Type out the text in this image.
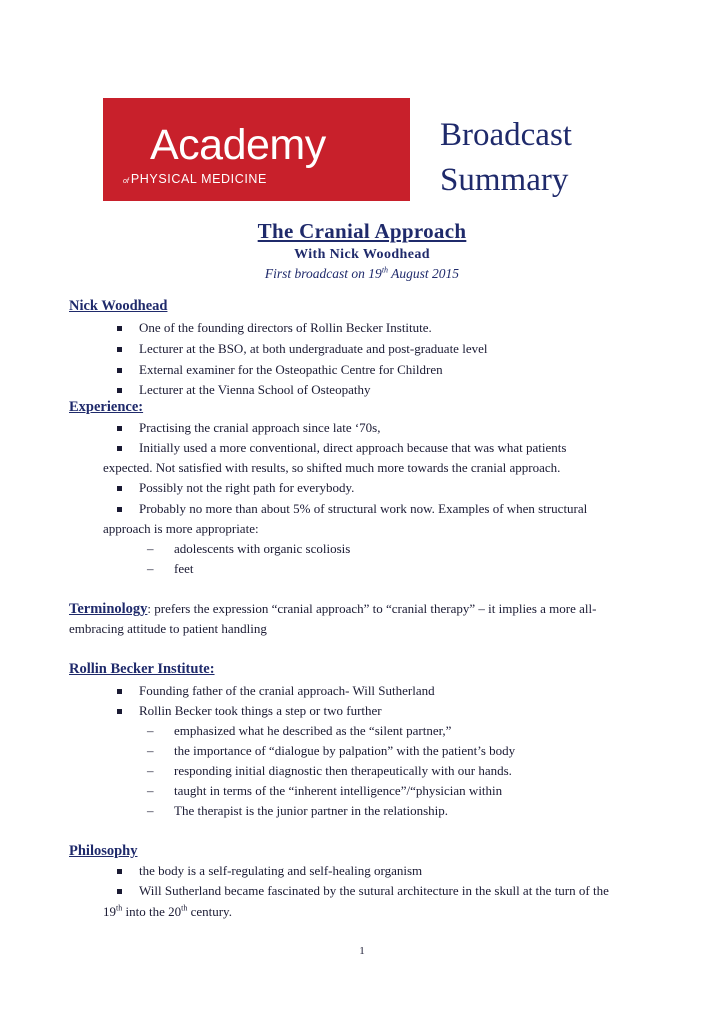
Academy
of PHYSICAL MEDICINE
Broadcast
Summary
The Cranial Approach
With Nick Woodhead
First broadcast on 19th August 2015
Nick Woodhead
One of the founding directors of Rollin Becker Institute.
Lecturer at the BSO, at both undergraduate and post-graduate level
External examiner for the Osteopathic Centre for Children
Lecturer at the Vienna School of Osteopathy
Experience:
Practising the cranial approach since late ‘70s,
Initially used a more conventional, direct approach because that was what patients
expected. Not satisfied with results, so shifted much more towards the cranial approach.
Possibly not the right path for everybody.
Probably no more than about 5% of structural work now. Examples of when structural
approach is more appropriate:
– adolescents with organic scoliosis
– feet
Terminology: prefers the expression “cranial approach” to “cranial therapy” – it implies a more all-
embracing attitude to patient handling
Rollin Becker Institute:
Founding father of the cranial approach- Will Sutherland
Rollin Becker took things a step or two further
– emphasized what he described as the “silent partner,”
– the importance of “dialogue by palpation” with the patient’s body
– responding initial diagnostic then therapeutically with our hands.
– taught in terms of the “inherent intelligence”/“physician within
– The therapist is the junior partner in the relationship.
Philosophy
the body is a self-regulating and self-healing organism
Will Sutherland became fascinated by the sutural architecture in the skull at the turn of the
19th into the 20th century.
1
